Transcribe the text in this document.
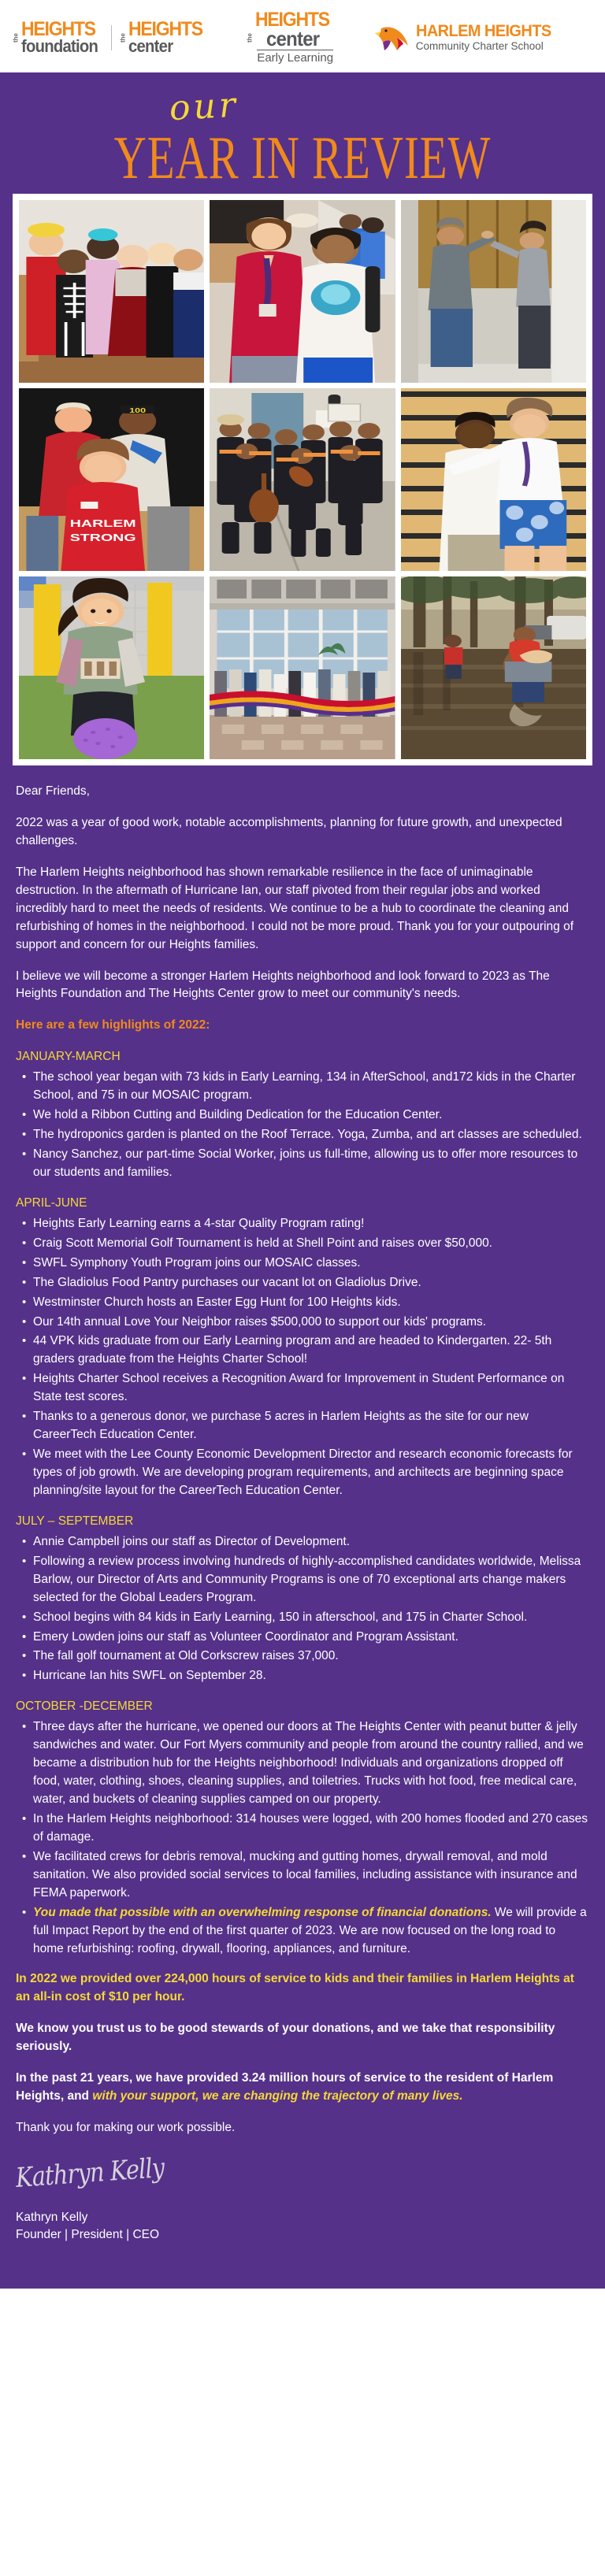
the HEIGHTS
foundation	the HEIGHTS
center	the
HEIGHTS
center
Early Learning
HARLEM HEIGHTS
Community Charter School
our
YEAR IN REVIEW
100
HARLEM
STRONG

Dear Friends,

2022 was a year of good work, notable accomplishments, planning for future growth, and unexpected challenges.

The Harlem Heights neighborhood has shown remarkable resilience in the face of unimaginable destruction. In the aftermath of Hurricane Ian, our staff pivoted from their regular jobs and worked incredibly hard to meet the needs of residents. We continue to be a hub to coordinate the cleaning and refurbishing of homes in the neighborhood. I could not be more proud. Thank you for your outpouring of support and concern for our Heights families.

I believe we will become a stronger Harlem Heights neighborhood and look forward to 2023 as The Heights Foundation and The Heights Center grow to meet our community's needs.

Here are a few highlights of 2022:

JANUARY-MARCH
• The school year began with 73 kids in Early Learning, 134 in AfterSchool, and172 kids in the Charter School, and 75 in our MOSAIC program.
• We hold a Ribbon Cutting and Building Dedication for the Education Center.
• The hydroponics garden is planted on the Roof Terrace. Yoga, Zumba, and art classes are scheduled.
• Nancy Sanchez, our part-time Social Worker, joins us full-time, allowing us to offer more resources to our students and families.
APRIL-JUNE
• Heights Early Learning earns a 4-star Quality Program rating!
• Craig Scott Memorial Golf Tournament is held at Shell Point and raises over $50,000.
• SWFL Symphony Youth Program joins our MOSAIC classes.
• The Gladiolus Food Pantry purchases our vacant lot on Gladiolus Drive.
• Westminster Church hosts an Easter Egg Hunt for 100 Heights kids.
• Our 14th annual Love Your Neighbor raises $500,000 to support our kids' programs.
• 44 VPK kids graduate from our Early Learning program and are headed to Kindergarten. 22- 5th graders graduate from the Heights Charter School!
• Heights Charter School receives a Recognition Award for Improvement in Student Performance on State test scores.
• Thanks to a generous donor, we purchase 5 acres in Harlem Heights as the site for our new CareerTech Education Center.
• We meet with the Lee County Economic Development Director and research economic forecasts for types of job growth. We are developing program requirements, and architects are beginning space planning/site layout for the CareerTech Education Center.
JULY – SEPTEMBER
• Annie Campbell joins our staff as Director of Development.
• Following a review process involving hundreds of highly-accomplished candidates worldwide, Melissa Barlow, our Director of Arts and Community Programs is one of 70 exceptional arts change makers selected for the Global Leaders Program.
• School begins with 84 kids in Early Learning, 150 in afterschool, and 175 in Charter School.
• Emery Lowden joins our staff as Volunteer Coordinator and Program Assistant.
• The fall golf tournament at Old Corkscrew raises 37,000.
• Hurricane Ian hits SWFL on September 28.
OCTOBER -DECEMBER
• Three days after the hurricane, we opened our doors at The Heights Center with peanut butter & jelly sandwiches and water. Our Fort Myers community and people from around the country rallied, and we became a distribution hub for the Heights neighborhood! Individuals and organizations dropped off food, water, clothing, shoes, cleaning supplies, and toiletries. Trucks with hot food, free medical care, water, and buckets of cleaning supplies camped on our property.
• In the Harlem Heights neighborhood: 314 houses were logged, with 200 homes flooded and 270 cases of damage.
• We facilitated crews for debris removal, mucking and gutting homes, drywall removal, and mold sanitation. We also provided social services to local families, including assistance with insurance and FEMA paperwork.
• You made that possible with an overwhelming response of financial donations. We will provide a full Impact Report by the end of the first quarter of 2023. We are now focused on the long road to home refurbishing: roofing, drywall, flooring, appliances, and furniture.

In 2022 we provided over 224,000 hours of service to kids and their families in Harlem Heights at an all-in cost of $10 per hour.

We know you trust us to be good stewards of your donations, and we take that responsibility seriously.

In the past 21 years, we have provided 3.24 million hours of service to the resident of Harlem Heights, and with your support, we are changing the trajectory of many lives.

Thank you for making our work possible.

Kathryn Kelly
Kathryn Kelly
Founder | President | CEO
